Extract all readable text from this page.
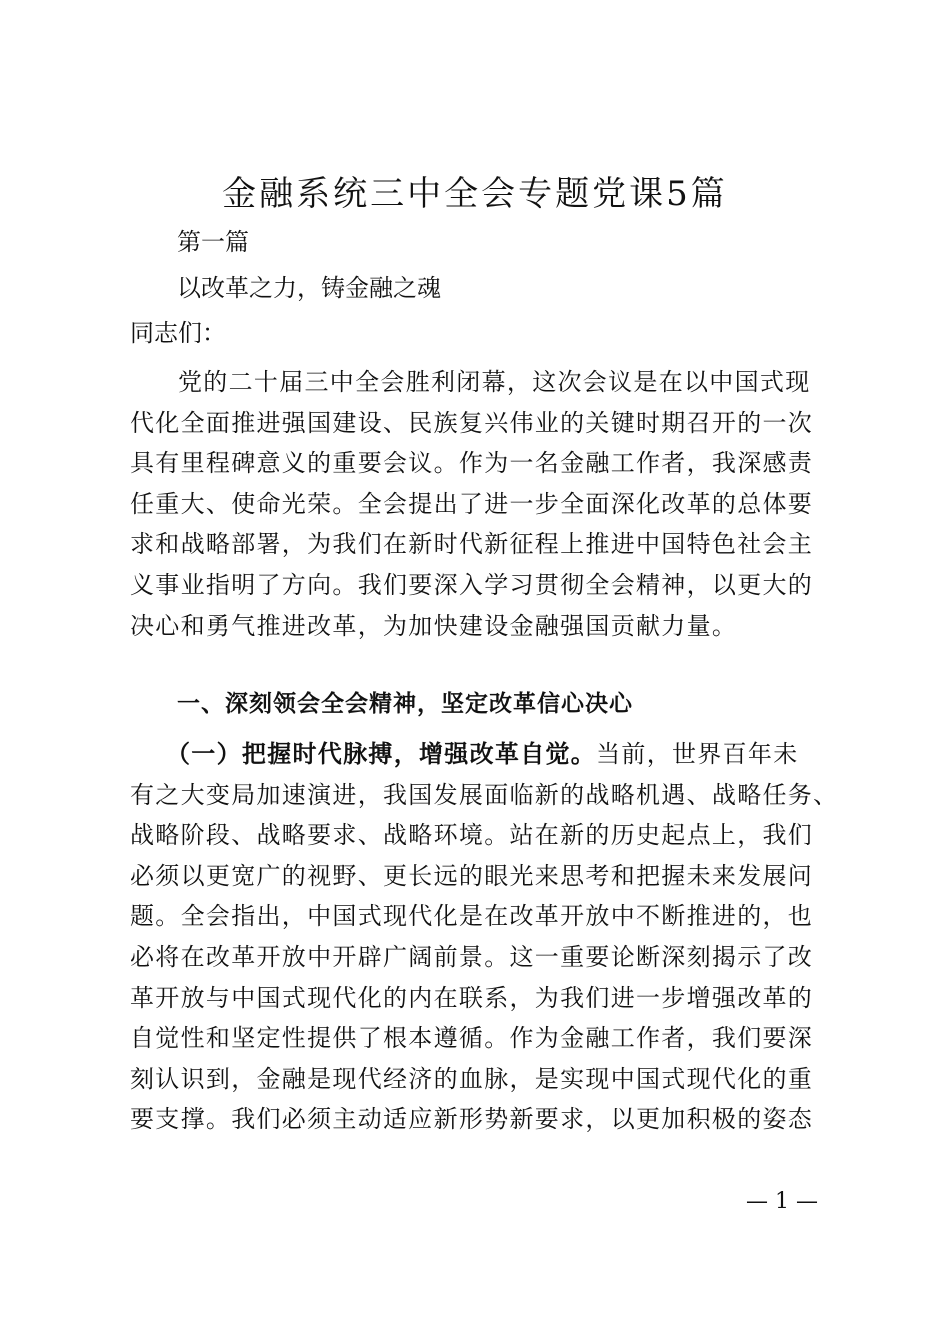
金融系统三中全会专题党课5篇

第一篇

以改革之力，铸金融之魂

同志们：

党的二十届三中全会胜利闭幕，这次会议是在以中国式现
代化全面推进强国建设、民族复兴伟业的关键时期召开的一次
具有里程碑意义的重要会议。作为一名金融工作者，我深感责
任重大、使命光荣。全会提出了进一步全面深化改革的总体要
求和战略部署，为我们在新时代新征程上推进中国特色社会主
义事业指明了方向。我们要深入学习贯彻全会精神，以更大的
决心和勇气推进改革，为加快建设金融强国贡献力量。

一、深刻领会全会精神，坚定改革信心决心

（一）把握时代脉搏，增强改革自觉。当前，世界百年未
有之大变局加速演进，我国发展面临新的战略机遇、战略任务、
战略阶段、战略要求、战略环境。站在新的历史起点上，我们
必须以更宽广的视野、更长远的眼光来思考和把握未来发展问
题。全会指出，中国式现代化是在改革开放中不断推进的，也
必将在改革开放中开辟广阔前景。这一重要论断深刻揭示了改
革开放与中国式现代化的内在联系，为我们进一步增强改革的
自觉性和坚定性提供了根本遵循。作为金融工作者，我们要深
刻认识到，金融是现代经济的血脉，是实现中国式现代化的重
要支撑。我们必须主动适应新形势新要求，以更加积极的姿态
— 1 —
